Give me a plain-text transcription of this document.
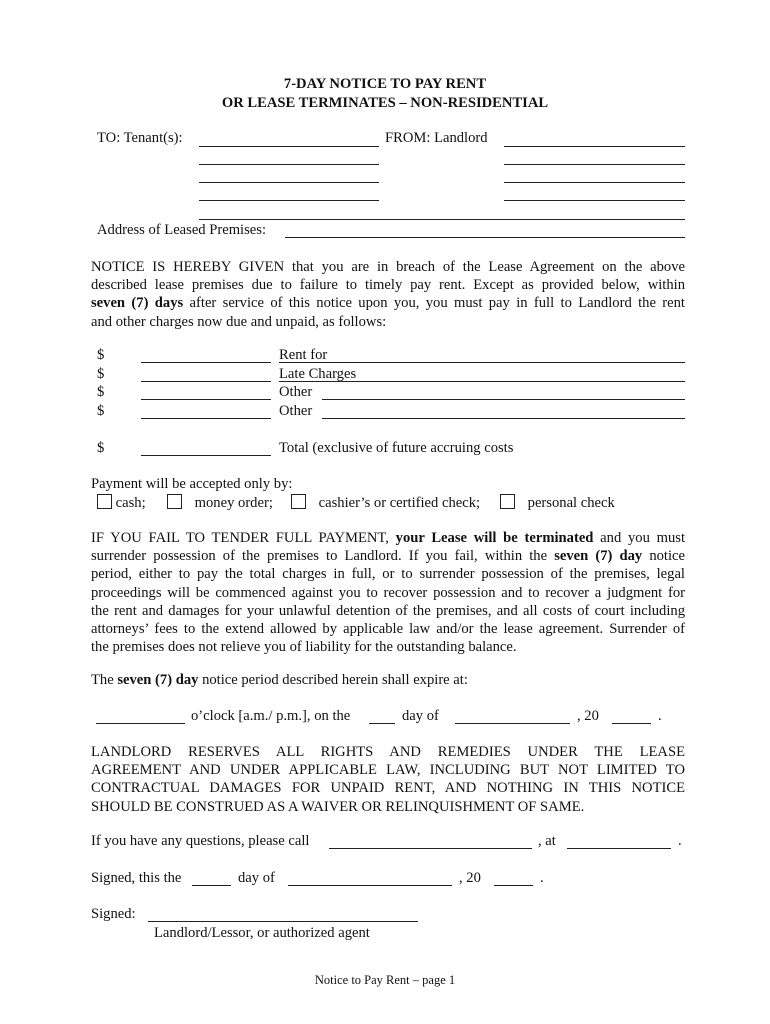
7-DAY NOTICE TO PAY RENT
OR LEASE TERMINATES – NON-RESIDENTIAL
TO: Tenant(s):	FROM: Landlord
Address of Leased Premises:
NOTICE IS HEREBY GIVEN that you are in breach of the Lease Agreement on the above
described lease premises due to failure to timely pay rent. Except as provided below, within
seven (7) days after service of this notice upon you, you must pay in full to Landlord the rent
and other charges now due and unpaid, as follows:
$	Rent for
$	Late Charges
$	Other
$	Other
$	Total (exclusive of future accruing costs
Payment will be accepted only by:
cash;	money order;	cashier’s or certified check;	personal check
IF YOU FAIL TO TENDER FULL PAYMENT, your Lease will be terminated and you must
surrender possession of the premises to Landlord. If you fail, within the seven (7) day notice
period, either to pay the total charges in full, or to surrender possession of the premises, legal
proceedings will be commenced against you to recover possession and to recover a judgment for
the rent and damages for your unlawful detention of the premises, and all costs of court including
attorneys’ fees to the extend allowed by applicable law and/or the lease agreement. Surrender of
the premises does not relieve you of liability for the outstanding balance.
The seven (7) day notice period described herein shall expire at:
o’clock [a.m./ p.m.], on the	day of	, 20	.
LANDLORD RESERVES ALL RIGHTS AND REMEDIES UNDER THE LEASE
AGREEMENT AND UNDER APPLICABLE LAW, INCLUDING BUT NOT LIMITED TO
CONTRACTUAL DAMAGES FOR UNPAID RENT, AND NOTHING IN THIS NOTICE
SHOULD BE CONSTRUED AS A WAIVER OR RELINQUISHMENT OF SAME.
If you have any questions, please call	, at	.
Signed, this the	day of	, 20	.
Signed:
Landlord/Lessor, or authorized agent
Notice to Pay Rent – page 1
